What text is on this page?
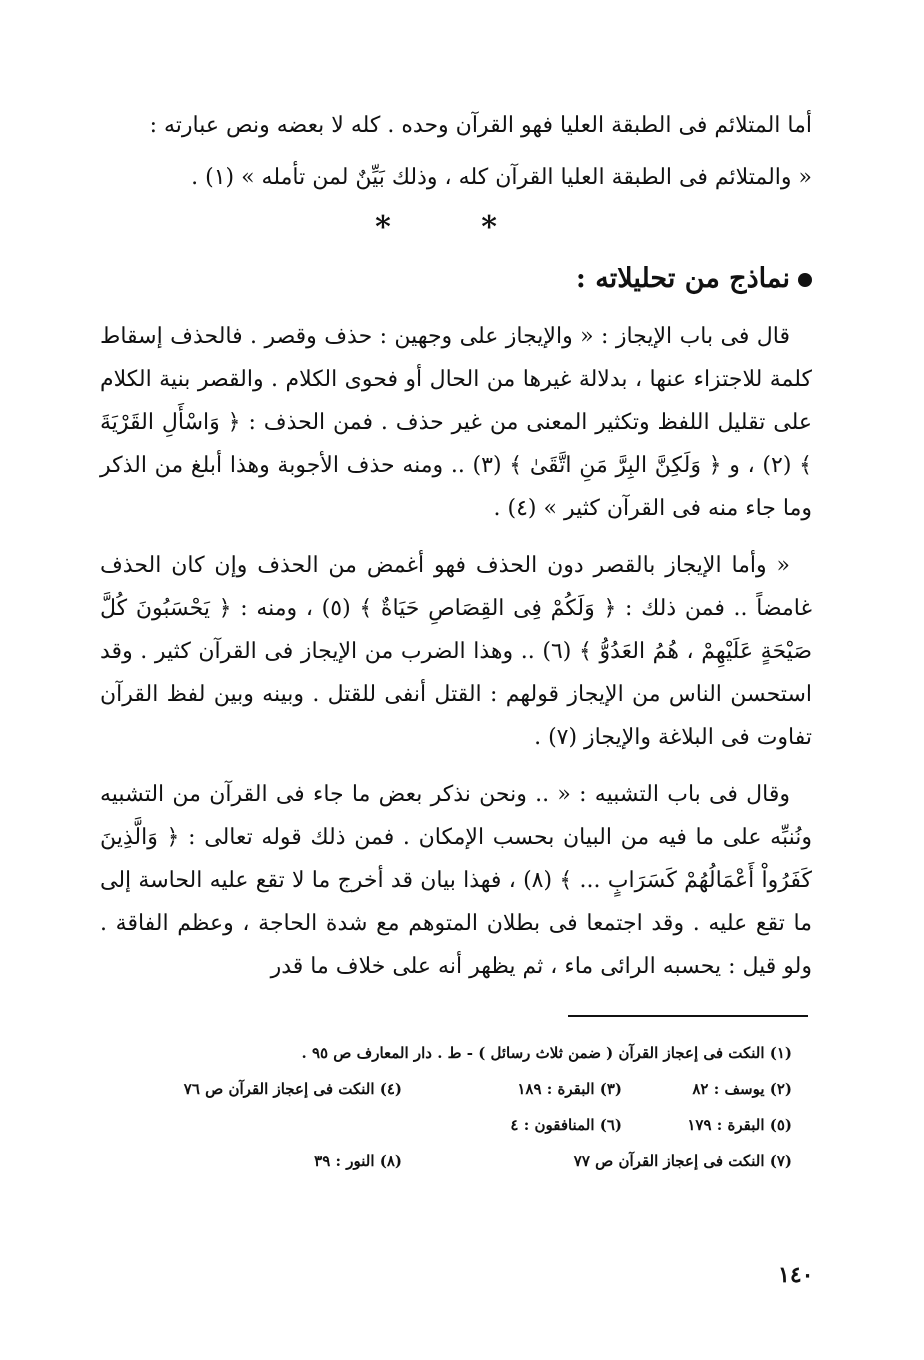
أما المتلائم فى الطبقة العليا فهو القرآن وحده . كله لا بعضه ونص عبارته :

« والمتلائم فى الطبقة العليا القرآن كله ، وذلك بَيِّنٌ لمن تأمله » (١) .

* *
نماذج من تحليلاته :

قال فى باب الإيجاز : « والإيجاز على وجهين : حذف وقصر . فالحذف إسقاط كلمة للاجتزاء عنها ، بدلالة غيرها من الحال أو فحوى الكلام . والقصر بنية الكلام على تقليل اللفظ وتكثير المعنى من غير حذف . فمن الحذف : ﴿ وَاسْأَلِ القَرْيَةَ ﴾ (٢) ، و ﴿ وَلَكِنَّ البِرَّ مَنِ اتَّقَىٰ ﴾ (٣) .. ومنه حذف الأجوبة وهذا أبلغ من الذكر وما جاء منه فى القرآن كثير » (٤) .

« وأما الإيجاز بالقصر دون الحذف فهو أغمض من الحذف وإن كان الحذف غامضاً .. فمن ذلك : ﴿ وَلَكُمْ فِى القِصَاصِ حَيَاةٌ ﴾ (٥) ، ومنه : ﴿ يَحْسَبُونَ كُلَّ صَيْحَةٍ عَلَيْهِمْ ، هُمُ العَدُوُّ ﴾ (٦) .. وهذا الضرب من الإيجاز فى القرآن كثير . وقد استحسن الناس من الإيجاز قولهم : القتل أنفى للقتل . وبينه وبين لفظ القرآن تفاوت فى البلاغة والإيجاز (٧) .

وقال فى باب التشبيه : « .. ونحن نذكر بعض ما جاء فى القرآن من التشبيه ونُنبِّه على ما فيه من البيان بحسب الإمكان . فمن ذلك قوله تعالى : ﴿ وَالَّذِينَ كَفَرُواْ أَعْمَالُهُمْ كَسَرَابٍ ... ﴾ (٨) ، فهذا بيان قد أخرج ما لا تقع عليه الحاسة إلى ما تقع عليه . وقد اجتمعا فى بطلان المتوهم مع شدة الحاجة ، وعظم الفاقة . ولو قيل : يحسبه الرائى ماء ، ثم يظهر أنه على خلاف ما قدر

(١) النكت فى إعجاز القرآن ( ضمن ثلاث رسائل ) - ط . دار المعارف ص ٩٥ .
(٢) يوسف : ٨٢
(٣) البقرة : ١٨٩
(٤) النكت فى إعجاز القرآن ص ٧٦
(٥) البقرة : ١٧٩
(٦) المنافقون : ٤
(٧) النكت فى إعجاز القرآن ص ٧٧
(٨) النور : ٣٩
١٤٠
